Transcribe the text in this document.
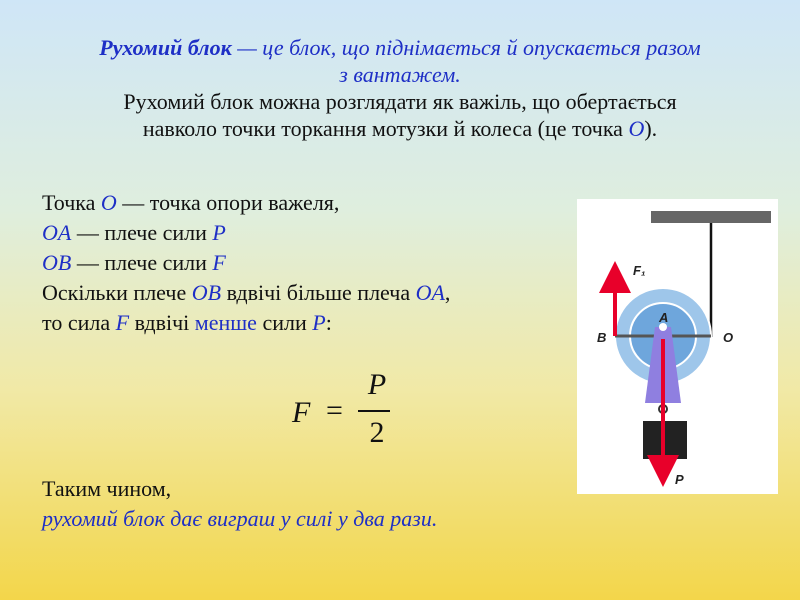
Рухомий блок — це блок, що піднімається й опускається разом
з вантажем.
Рухомий блок можна розглядати як важіль, що обертається
навколо точки торкання мотузки й колеса (це точка O).
Точка O — точка опори важеля,
OA — плече сили P
OB — плече сили F
Оскільки плече OB вдвічі більше плеча OA,
то сила F вдвічі менше сили P:
F =
P
2
Таким чином,
рухомий блок дає виграш у силі у два рази.
F₁
B
A
O
P
